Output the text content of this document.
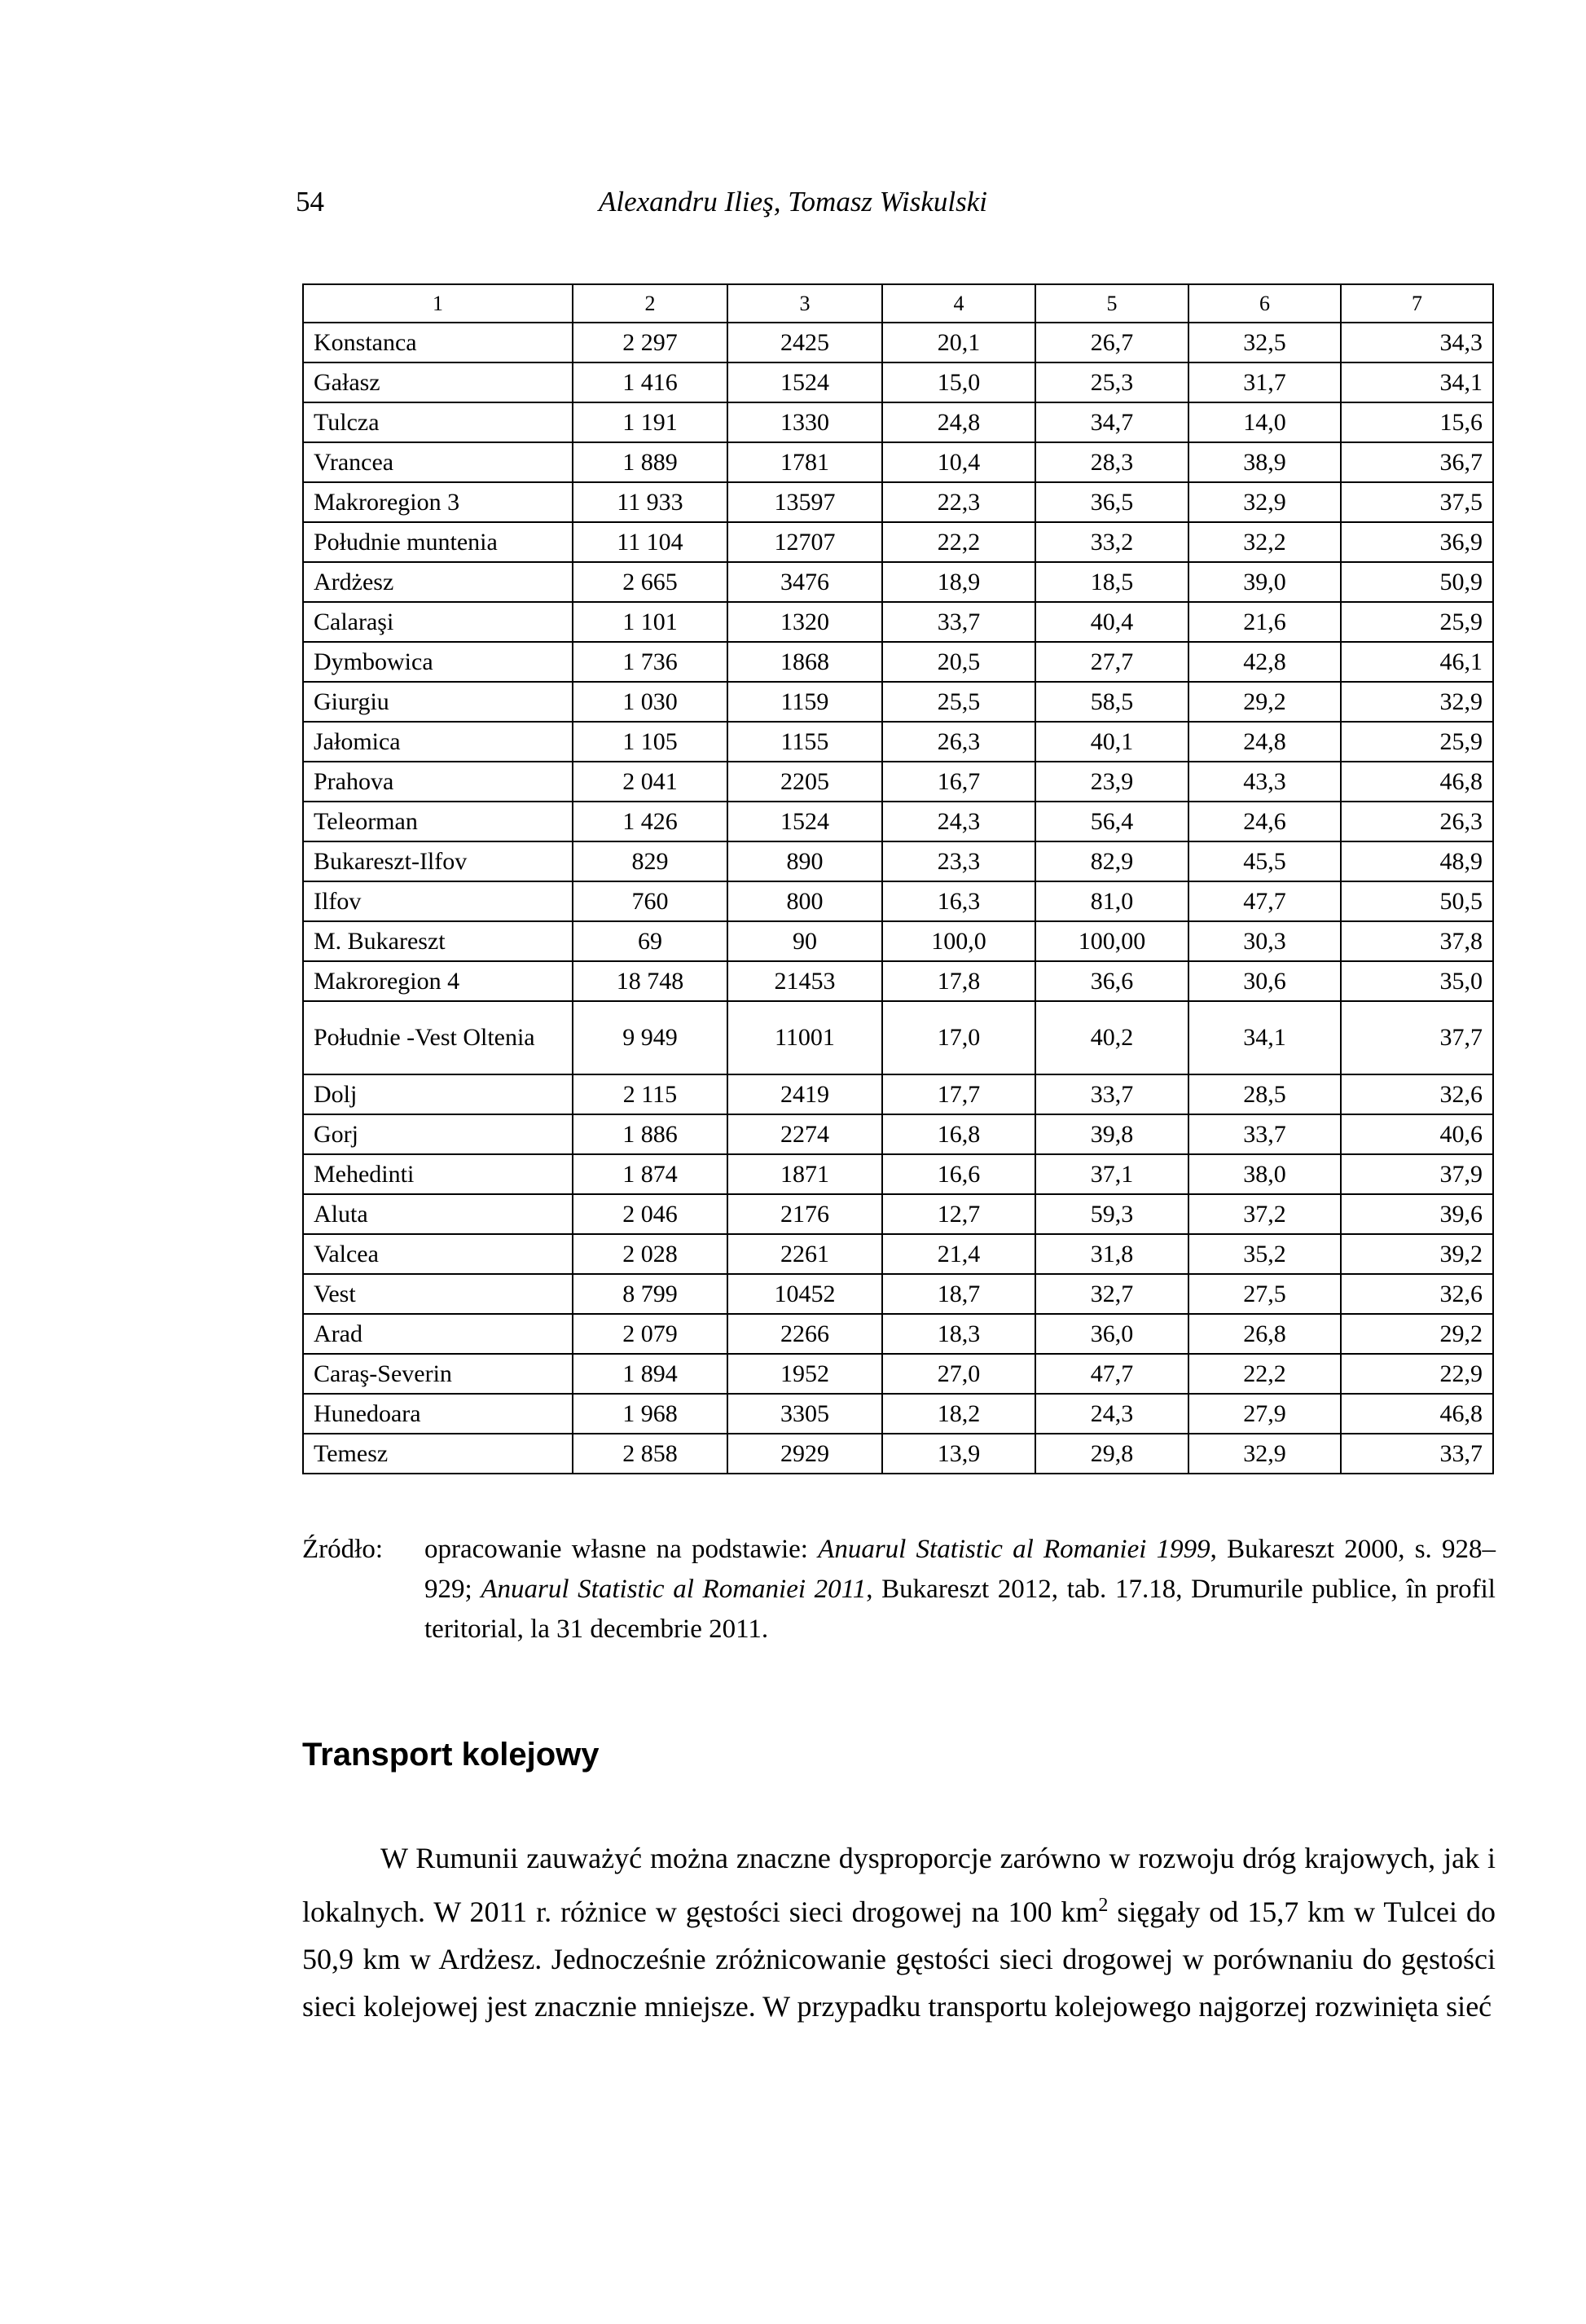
54	Alexandru Ilieş, Tomasz Wiskulski
1	2	3	4	5	6	7
Konstanca	2 297	2425	20,1	26,7	32,5	34,3
Gałasz	1 416	1524	15,0	25,3	31,7	34,1
Tulcza	1 191	1330	24,8	34,7	14,0	15,6
Vrancea	1 889	1781	10,4	28,3	38,9	36,7
Makroregion 3	11 933	13597	22,3	36,5	32,9	37,5
Południe muntenia	11 104	12707	22,2	33,2	32,2	36,9
Ardżesz	2 665	3476	18,9	18,5	39,0	50,9
Calaraşi	1 101	1320	33,7	40,4	21,6	25,9
Dymbowica	1 736	1868	20,5	27,7	42,8	46,1
Giurgiu	1 030	1159	25,5	58,5	29,2	32,9
Jałomica	1 105	1155	26,3	40,1	24,8	25,9
Prahova	2 041	2205	16,7	23,9	43,3	46,8
Teleorman	1 426	1524	24,3	56,4	24,6	26,3
Bukareszt-Ilfov	829	890	23,3	82,9	45,5	48,9
Ilfov	760	800	16,3	81,0	47,7	50,5
M. Bukareszt	69	90	100,0	100,00	30,3	37,8
Makroregion 4	18 748	21453	17,8	36,6	30,6	35,0
Południe -Vest Oltenia	9 949	11001	17,0	40,2	34,1	37,7
Dolj	2 115	2419	17,7	33,7	28,5	32,6
Gorj	1 886	2274	16,8	39,8	33,7	40,6
Mehedinti	1 874	1871	16,6	37,1	38,0	37,9
Aluta	2 046	2176	12,7	59,3	37,2	39,6
Valcea	2 028	2261	21,4	31,8	35,2	39,2
Vest	8 799	10452	18,7	32,7	27,5	32,6
Arad	2 079	2266	18,3	36,0	26,8	29,2
Caraş-Severin	1 894	1952	27,0	47,7	22,2	22,9
Hunedoara	1 968	3305	18,2	24,3	27,9	46,8
Temesz	2 858	2929	13,9	29,8	32,9	33,7
Źródło: opracowanie własne na podstawie: Anuarul Statistic al Romaniei 1999, Bukareszt 2000, s. 928–929; Anuarul Statistic al Romaniei 2011, Bukareszt 2012, tab. 17.18, Drumurile publice, în profil teritorial, la 31 decembrie 2011.
Transport kolejowy

W Rumunii zauważyć można znaczne dysproporcje zarówno w rozwoju dróg krajowych, jak i lokalnych. W 2011 r. różnice w gęstości sieci drogowej na 100 $km^2$ sięgały od 15,7 km w Tulcei do 50,9 km w Ardżesz. Jednocześnie zróżnicowanie gęstości sieci drogowej w porównaniu do gęstości sieci kolejowej jest znacznie mniejsze. W przypadku transportu kolejowego najgorzej rozwinięta sieć
